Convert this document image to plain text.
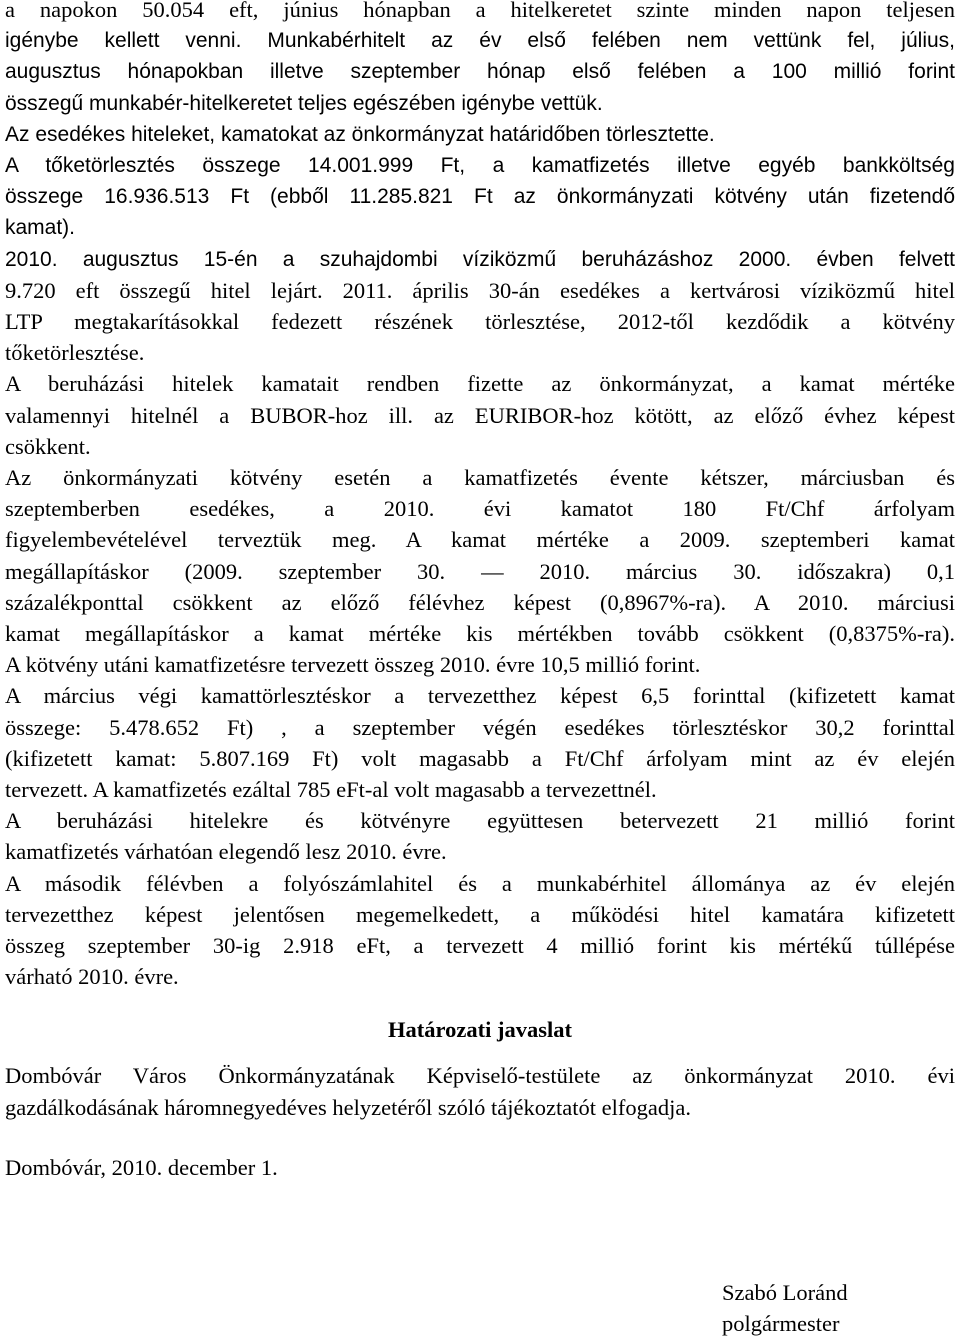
a napokon 50.054 eft, június hónapban a hitelkeretet szinte minden napon teljesen
igénybe kellett venni. Munkabérhitelt az év első felében nem vettünk fel, július,
augusztus hónapokban illetve szeptember hónap első felében a 100 millió forint
összegű munkabér-hitelkeretet teljes egészében igénybe vettük.
Az esedékes hiteleket, kamatokat az önkormányzat határidőben törlesztette.
A tőketörlesztés összege 14.001.999 Ft, a kamatfizetés illetve egyéb bankköltség
összege 16.936.513 Ft (ebből 11.285.821 Ft az önkormányzati kötvény után fizetendő
kamat).
2010. augusztus 15-én a szuhajdombi víziközmű beruházáshoz 2000. évben felvett
9.720 eft összegű hitel lejárt. 2011. április 30-án esedékes a kertvárosi víziközmű hitel
LTP megtakarításokkal fedezett részének törlesztése, 2012-től kezdődik a kötvény
tőketörlesztése.
A beruházási hitelek kamatait rendben fizette az önkormányzat, a kamat mértéke
valamennyi hitelnél a BUBOR-hoz ill. az EURIBOR-hoz kötött, az előző évhez képest
csökkent.
Az önkormányzati kötvény esetén a kamatfizetés évente kétszer, márciusban és
szeptemberben esedékes, a 2010. évi kamatot 180 Ft/Chf árfolyam
figyelembevételével terveztük meg. A kamat mértéke a 2009. szeptemberi kamat
megállapításkor (2009. szeptember 30. — 2010. március 30. időszakra) 0,1
százalékponttal csökkent az előző félévhez képest (0,8967%-ra). A 2010. márciusi
kamat megállapításkor a kamat mértéke kis mértékben tovább csökkent (0,8375%-ra).
A kötvény utáni kamatfizetésre tervezett összeg 2010. évre 10,5 millió forint.
A március végi kamattörlesztéskor a tervezetthez képest 6,5 forinttal (kifizetett kamat
összege: 5.478.652 Ft) , a szeptember végén esedékes törlesztéskor 30,2 forinttal
(kifizetett kamat: 5.807.169 Ft) volt magasabb a Ft/Chf árfolyam mint az év elején
tervezett. A kamatfizetés ezáltal 785 eFt-al volt magasabb a tervezettnél.
A beruházási hitelekre és kötvényre együttesen betervezett 21 millió forint
kamatfizetés várhatóan elegendő lesz 2010. évre.
A második félévben a folyószámlahitel és a munkabérhitel állománya az év elején
tervezetthez képest jelentősen megemelkedett, a működési hitel kamatára kifizetett
összeg szeptember 30-ig 2.918 eFt, a tervezett 4 millió forint kis mértékű túllépése
várható 2010. évre.
Határozati javaslat
Dombóvár Város Önkormányzatának Képviselő-testülete az önkormányzat 2010. évi
gazdálkodásának háromnegyedéves helyzetéről szóló tájékoztatót elfogadja.
Dombóvár, 2010. december 1.
Szabó Loránd
polgármester
